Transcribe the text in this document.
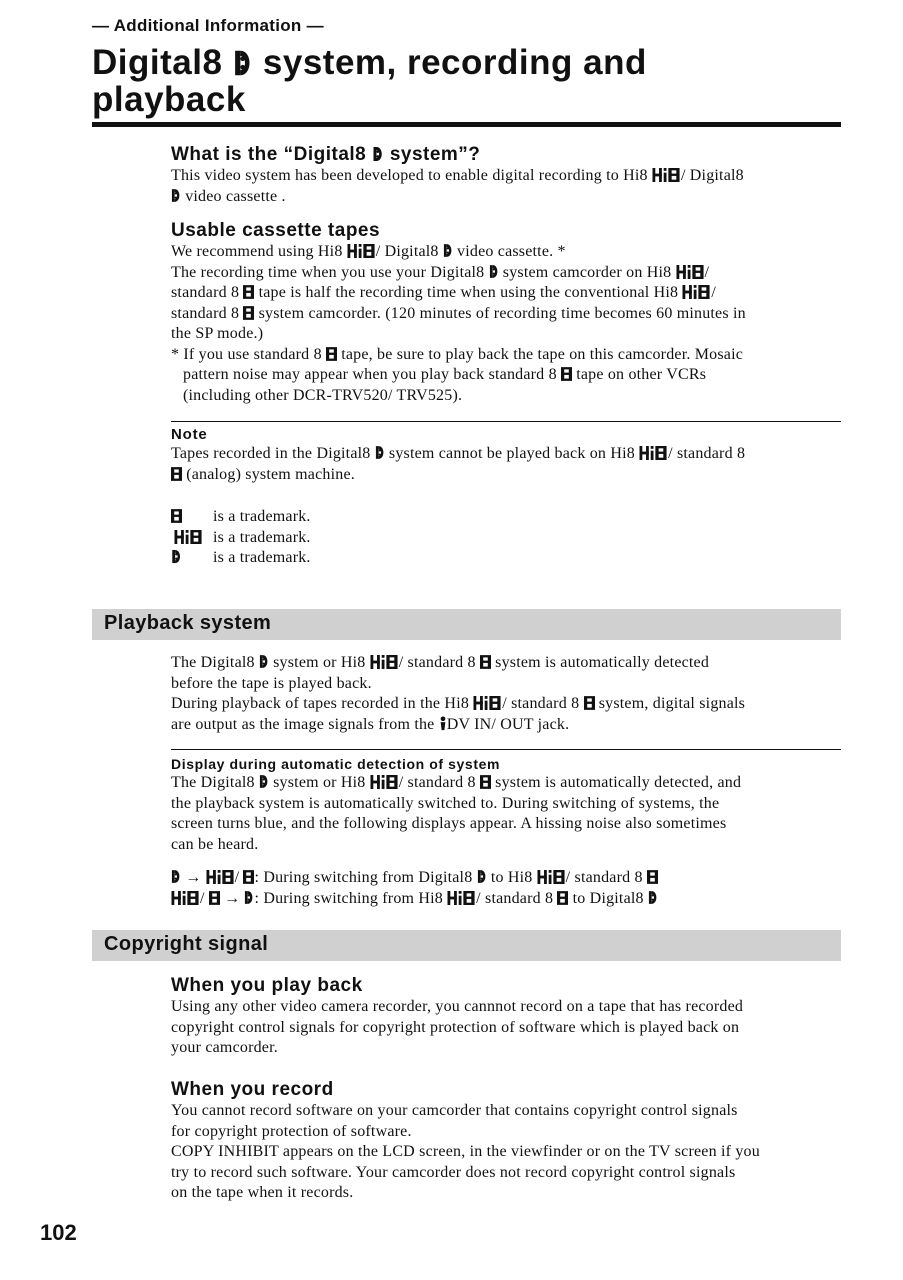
— Additional Information —
Digital8 system, recording and
playback
What is the “Digital8 system”?

This video system has been developed to enable digital recording to Hi8 / Digital8
video cassette .

Usable cassette tapes

We recommend using Hi8 / Digital8 video cassette. *
The recording time when you use your Digital8 system camcorder on Hi8 /
standard 8 tape is half the recording time when using the conventional Hi8 /
standard 8 system camcorder. (120 minutes of recording time becomes 60 minutes in
the SP mode.)

* If you use standard 8 tape, be sure to play back the tape on this camcorder. Mosaic
pattern noise may appear when you play back standard 8 tape on other VCRs
(including other DCR-TRV520/ TRV525).

Note

Tapes recorded in the Digital8 system cannot be played back on Hi8 / standard 8
(analog) system machine.

is a trademark.
is a trademark.
is a trademark.
Playback system

The Digital8 system or Hi8 / standard 8 system is automatically detected
before the tape is played back.
During playback of tapes recorded in the Hi8 / standard 8 system, digital signals
are output as the image signals from the DV IN/ OUT jack.

Display during automatic detection of system

The Digital8 system or Hi8 / standard 8 system is automatically detected, and
the playback system is automatically switched to. During switching of systems, the
screen turns blue, and the following displays appear. A hissing noise also sometimes
can be heard.

→ / : During switching from Digital8 to Hi8 / standard 8
/ → : During switching from Hi8 / standard 8 to Digital8

Copyright signal
When you play back

Using any other video camera recorder, you cannnot record on a tape that has recorded
copyright control signals for copyright protection of software which is played back on
your camcorder.

When you record

You cannot record software on your camcorder that contains copyright control signals
for copyright protection of software.
COPY INHIBIT appears on the LCD screen, in the viewfinder or on the TV screen if you
try to record such software. Your camcorder does not record copyright control signals
on the tape when it records.

102
